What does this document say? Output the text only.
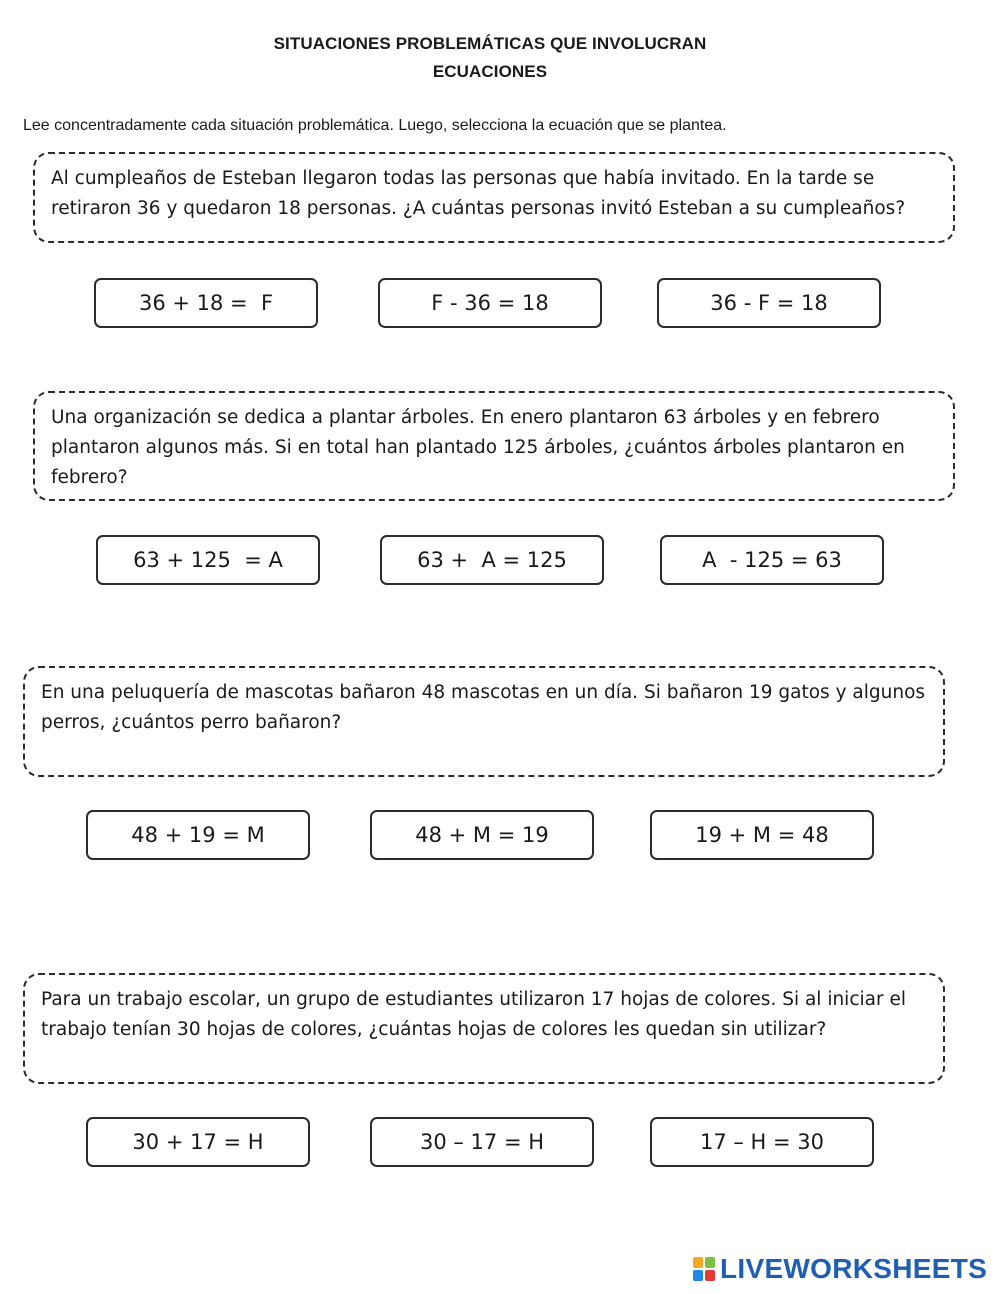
SITUACIONES PROBLEMÁTICAS QUE INVOLUCRAN
ECUACIONES
Lee concentradamente cada situación problemática. Luego, selecciona la ecuación que se plantea.
Al cumpleaños de Esteban llegaron todas las personas que había invitado. En la tarde se retiraron 36 y quedaron 18 personas. ¿A cuántas personas invitó Esteban a su cumpleaños?
36 + 18 =  F	F - 36 = 18	36 - F = 18
Una organización se dedica a plantar árboles. En enero plantaron 63 árboles y en febrero plantaron algunos más. Si en total han plantado 125 árboles, ¿cuántos árboles plantaron en febrero?
63 + 125  = A	63 +  A = 125	A  - 125 = 63
En una peluquería de mascotas bañaron 48 mascotas en un día. Si bañaron 19 gatos y algunos perros, ¿cuántos perro bañaron?
48 + 19 = M	48 + M = 19	19 + M = 48
Para un trabajo escolar, un grupo de estudiantes utilizaron 17 hojas de colores. Si al iniciar el trabajo tenían 30 hojas de colores, ¿cuántas hojas de colores les quedan sin utilizar?
30 + 17 = H	30 – 17 = H	17 – H = 30
LIVEWORKSHEETS
